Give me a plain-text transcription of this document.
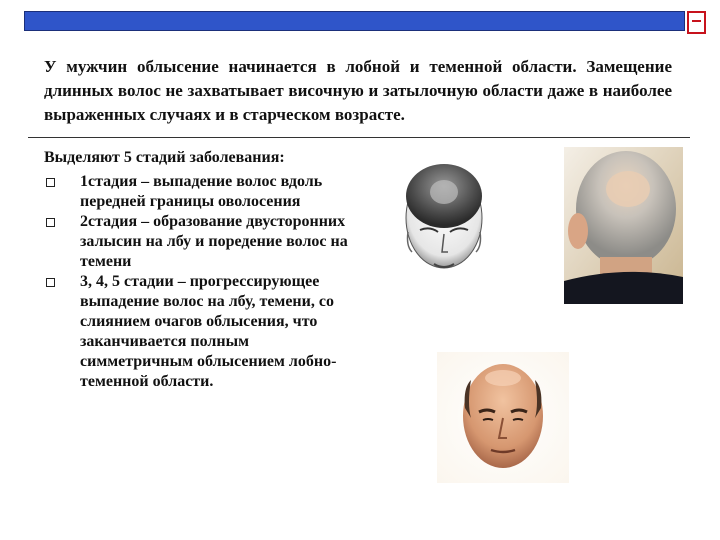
У мужчин облысение начинается в лобной и теменной области. Замещение длинных волос не захватывает височную и затылочную области даже в наиболее выраженных случаях и в старческом возрасте.

Выделяют 5 стадий заболевания:

1стадия – выпадение волос вдоль передней границы оволосения

2стадия – образование двусторонних залысин на лбу и поредение волос на темени

3, 4, 5 стадии – прогрессирующее выпадение волос на лбу, темени, со слиянием очагов облысения, что заканчивается полным симметричным облысением лобно-теменной области.
